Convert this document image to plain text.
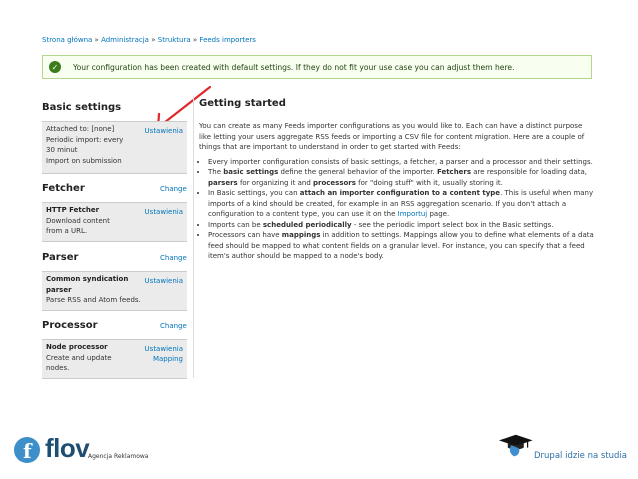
Strona główna » Administracja » Struktura » Feeds importers
✓	Your configuration has been created with default settings. If they do not fit your use case you can adjust them here.
Basic settings
Attached to: [none]
Periodic import: every
30 minut
Import on submission
Ustawienia
Fetcher	Change
HTTP Fetcher
Download content
from a URL.
Ustawienia
Parser	Change
Common syndication
parser
Parse RSS and Atom feeds.
Ustawienia
Processor	Change
Node processor
Create and update
nodes.
Ustawienia
Mapping
Getting started

You can create as many Feeds importer configurations as you would like to. Each can have a distinct purpose like letting your users aggregate RSS feeds or importing a CSV file for content migration. Here are a couple of things that are important to understand in order to get started with Feeds:

• Every importer configuration consists of basic settings, a fetcher, a parser and a processor and their settings.
• The basic settings define the general behavior of the importer. Fetchers are responsible for loading data, parsers for organizing it and processors for "doing stuff" with it, usually storing it.
• In Basic settings, you can attach an importer configuration to a content type. This is useful when many imports of a kind should be created, for example in an RSS aggregation scenario. If you don't attach a configuration to a content type, you can use it on the Importuj page.
• Imports can be scheduled periodically - see the periodic import select box in the Basic settings.
• Processors can have mappings in addition to settings. Mappings allow you to define what elements of a data feed should be mapped to what content fields on a granular level. For instance, you can specify that a feed item's author should be mapped to a node's body.
f flov
Agencja Reklamowa	Drupal idzie na studia
